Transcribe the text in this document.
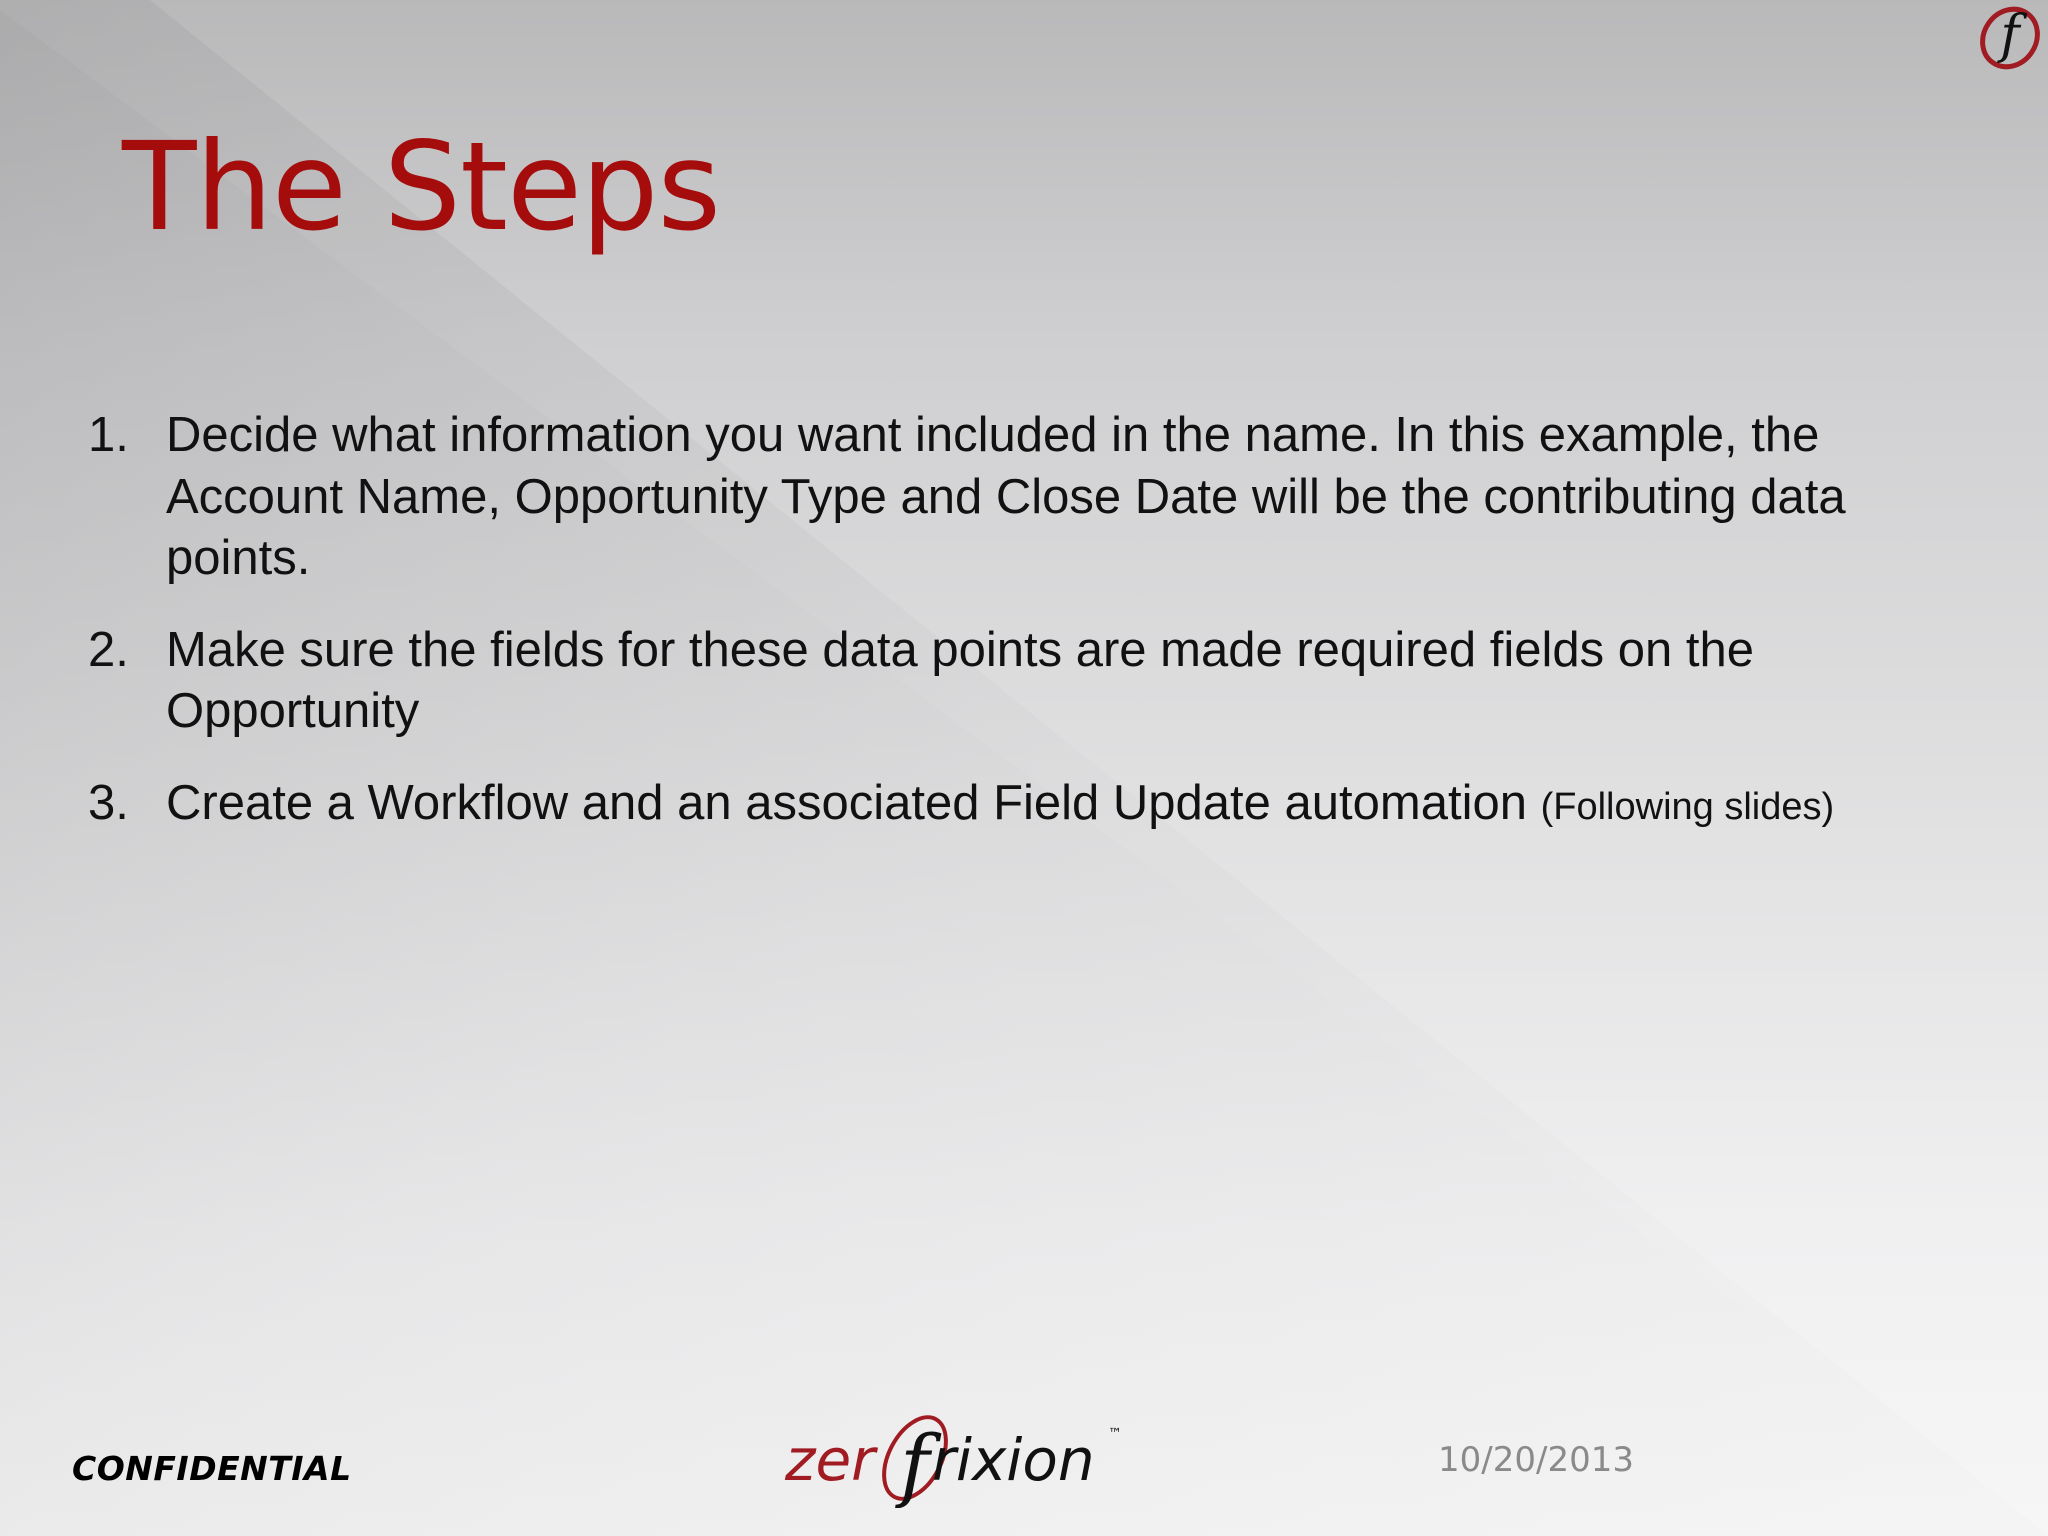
f
The Steps
1. Decide what information you want included in the name. In this example, the Account Name, Opportunity Type and Close Date will be the contributing data points.
2. Make sure the fields for these data points are made required fields on the Opportunity
3. Create a Workflow and an associated Field Update automation (Following slides)
CONFIDENTIAL	zer f rixion ™
10/20/2013
